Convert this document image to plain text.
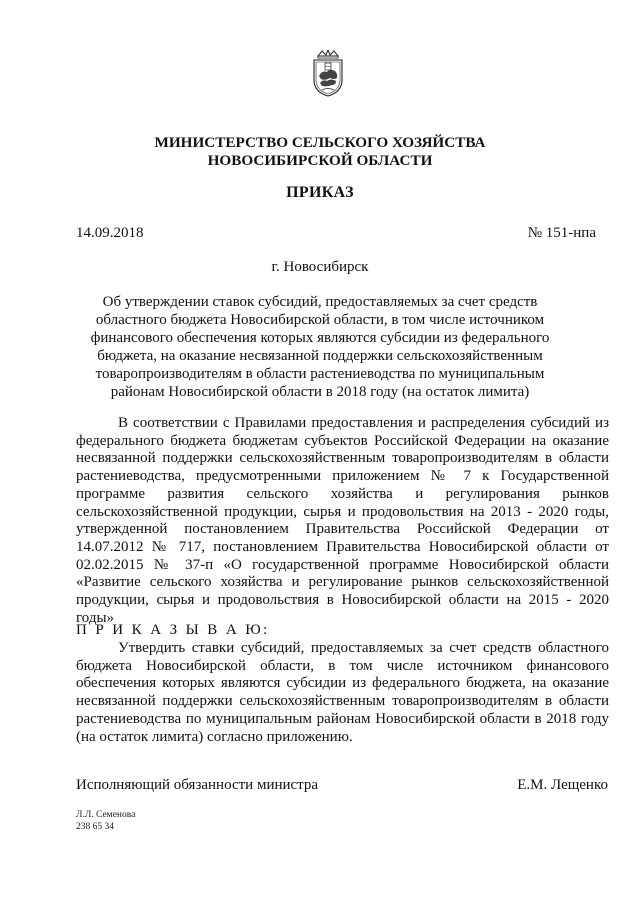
МИНИСТЕРСТВО СЕЛЬСКОГО ХОЗЯЙСТВА
НОВОСИБИРСКОЙ ОБЛАСТИ
ПРИКАЗ
14.09.2018	№ 151-нпа
г. Новосибирск
Об утверждении ставок субсидий, предоставляемых за счет средств областного бюджета Новосибирской области, в том числе источником финансового обеспечения которых являются субсидии из федерального бюджета, на оказание несвязанной поддержки сельскохозяйственным товаропроизводителям в области растениеводства по муниципальным районам Новосибирской области в 2018 году (на остаток лимита)
В соответствии с Правилами предоставления и распределения субсидий из федерального бюджета бюджетам субъектов Российской Федерации на оказание несвязанной поддержки сельскохозяйственным товаропроизводителям в области растениеводства, предусмотренными приложением № 7 к Государственной программе развития сельского хозяйства и регулирования рынков сельскохозяйственной продукции, сырья и продовольствия на 2013 - 2020 годы, утвержденной постановлением Правительства Российской Федерации от 14.07.2012 № 717, постановлением Правительства Новосибирской области от 02.02.2015 № 37-п «О государственной программе Новосибирской области «Развитие сельского хозяйства и регулирование рынков сельскохозяйственной продукции, сырья и продовольствия в Новосибирской области на 2015 - 2020 годы»
П Р И К А З Ы В А Ю:
Утвердить ставки субсидий, предоставляемых за счет средств областного бюджета Новосибирской области, в том числе источником финансового обеспечения которых являются субсидии из федерального бюджета, на оказание несвязанной поддержки сельскохозяйственным товаропроизводителям в области растениеводства по муниципальным районам Новосибирской области в 2018 году (на остаток лимита) согласно приложению.
Исполняющий обязанности министра	Е.М. Лещенко
Л.Л. Семенова
238 65 34
